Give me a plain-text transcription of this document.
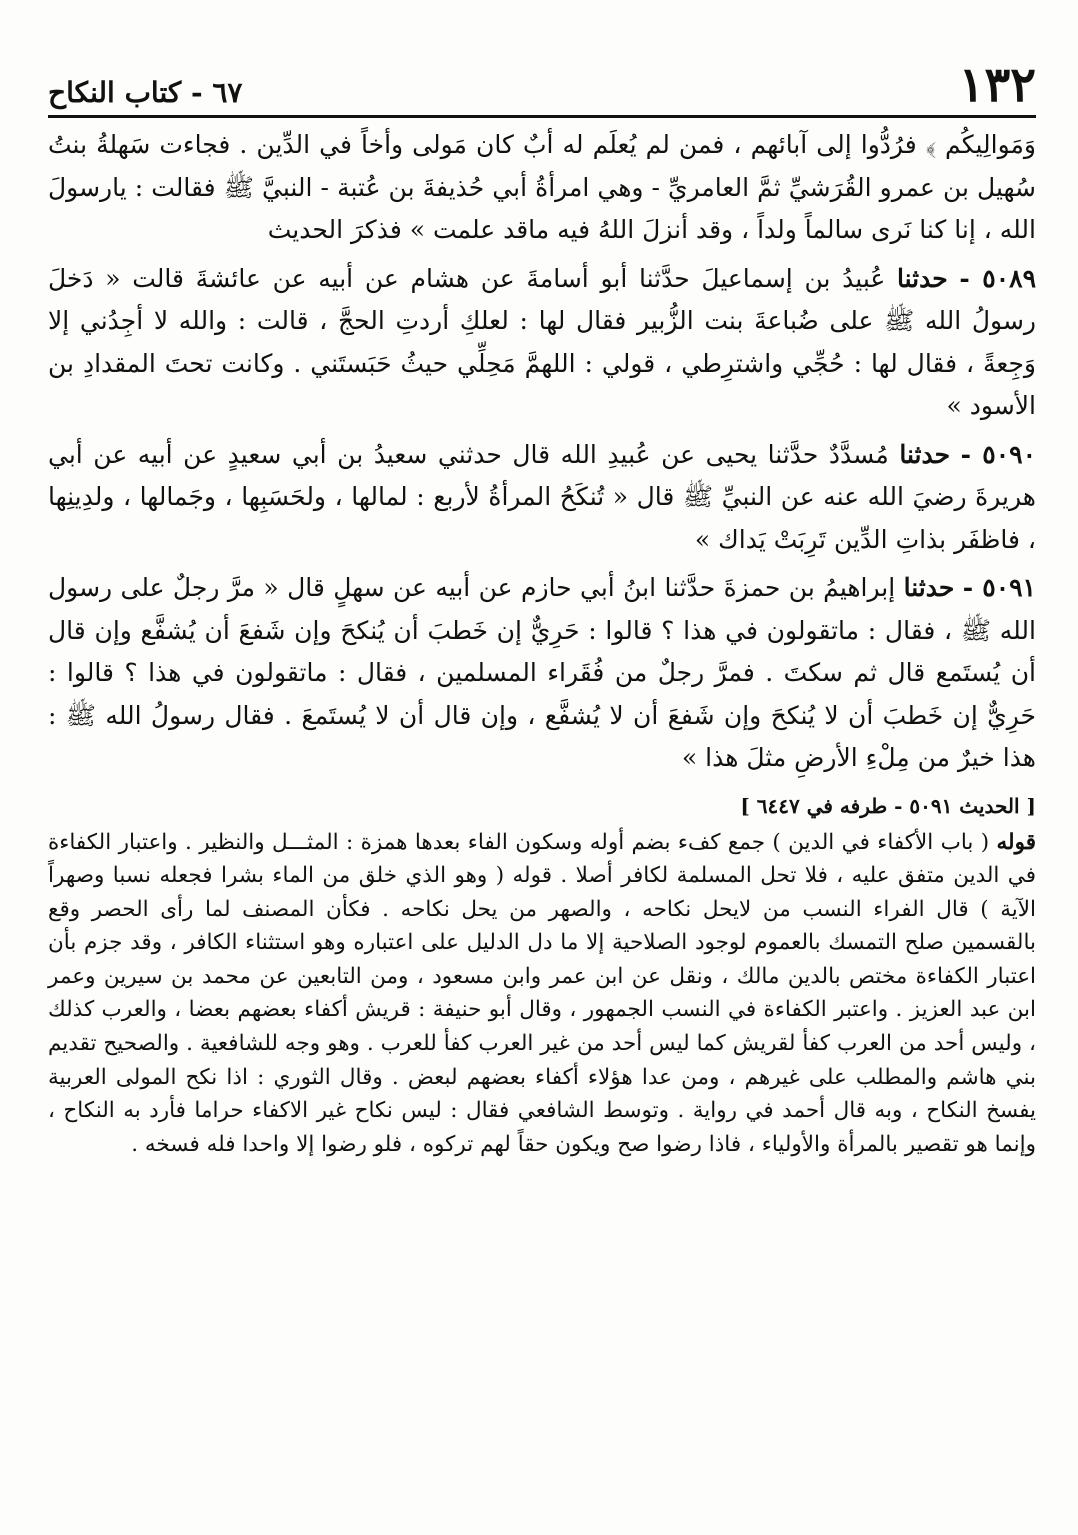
١٣٢
٦٧ - كتاب النكاح

وَمَوالِيكُم ﴾ فرُدُّوا إلى آبائهم ، فمن لم يُعلَم له أبٌ كان مَولى وأخاً في الدِّين . فجاءت سَهلةُ بنتُ سُهيل بن عمرو القُرَشيِّ ثمَّ العامريِّ - وهي امرأةُ أبي حُذيفةَ بن عُتبة - النبيَّ ﷺ فقالت : يارسولَ الله ، إنا كنا نَرى سالماً ولداً ، وقد أنزلَ اللهُ فيه ماقد علمت » فذكرَ الحديث

٥٠٨٩ - حدثنا عُبيدُ بن إسماعيلَ حدَّثنا أبو أسامةَ عن هشام عن أبيه عن عائشةَ قالت « دَخلَ رسولُ الله ﷺ على ضُباعةَ بنت الزُّبير فقال لها : لعلكِ أردتِ الحجَّ ، قالت : والله لا أجِدُني إلا وَجِعةً ، فقال لها : حُجِّي واشترِطي ، قولي : اللهمَّ مَحِلِّي حيثُ حَبَستَني . وكانت تحتَ المقدادِ بن الأسود »

٥٠٩٠ - حدثنا مُسدَّدٌ حدَّثنا يحيى عن عُبيدِ الله قال حدثني سعيدُ بن أبي سعيدٍ عن أبيه عن أبي هريرةَ رضيَ الله عنه عن النبيِّ ﷺ قال « تُنكَحُ المرأةُ لأربع : لمالها ، ولحَسَبِها ، وجَمالها ، ولدِينِها ، فاظفَر بذاتِ الدِّين تَرِبَتْ يَداك »

٥٠٩١ - حدثنا إبراهيمُ بن حمزةَ حدَّثنا ابنُ أبي حازم عن أبيه عن سهلٍ قال « مرَّ رجلٌ على رسول الله ﷺ ، فقال : ماتقولون في هذا ؟ قالوا : حَرِيٌّ إن خَطبَ أن يُنكحَ وإن شَفعَ أن يُشفَّع وإن قال أن يُستَمع قال ثم سكتَ . فمرَّ رجلٌ من فُقَراء المسلمين ، فقال : ماتقولون في هذا ؟ قالوا : حَرِيٌّ إن خَطبَ أن لا يُنكحَ وإن شَفعَ أن لا يُشفَّع ، وإن قال أن لا يُستَمعَ . فقال رسولُ الله ﷺ : هذا خيرٌ من مِلْءِ الأرضِ مثلَ هذا »

[ الحديث ٥٠٩١ - طرفه في ٦٤٤٧ ]

قوله ( باب الأكفاء في الدين ) جمع كفء بضم أوله وسكون الفاء بعدها همزة : المثـــل والنظير . واعتبار الكفاءة في الدين متفق عليه ، فلا تحل المسلمة لكافر أصلا . قوله ( وهو الذي خلق من الماء بشرا فجعله نسبا وصهراً الآية ) قال الفراء النسب من لايحل نكاحه ، والصهر من يحل نكاحه . فكأن المصنف لما رأى الحصر وقع بالقسمين صلح التمسك بالعموم لوجود الصلاحية إلا ما دل الدليل على اعتباره وهو استثناء الكافر ، وقد جزم بأن اعتبار الكفاءة مختص بالدين مالك ، ونقل عن ابن عمر وابن مسعود ، ومن التابعين عن محمد بن سيرين وعمر ابن عبد العزيز . واعتبر الكفاءة في النسب الجمهور ، وقال أبو حنيفة : قريش أكفاء بعضهم بعضا ، والعرب كذلك ، وليس أحد من العرب كفأ لقريش كما ليس أحد من غير العرب كفأ للعرب . وهو وجه للشافعية . والصحيح تقديم بني هاشم والمطلب على غيرهم ، ومن عدا هؤلاء أكفاء بعضهم لبعض . وقال الثوري : اذا نكح المولى العربية يفسخ النكاح ، وبه قال أحمد في رواية . وتوسط الشافعي فقال : ليس نكاح غير الاكفاء حراما فأرد به النكاح ، وإنما هو تقصير بالمرأة والأولياء ، فاذا رضوا صح ويكون حقاً لهم تركوه ، فلو رضوا إلا واحدا فله فسخه .
